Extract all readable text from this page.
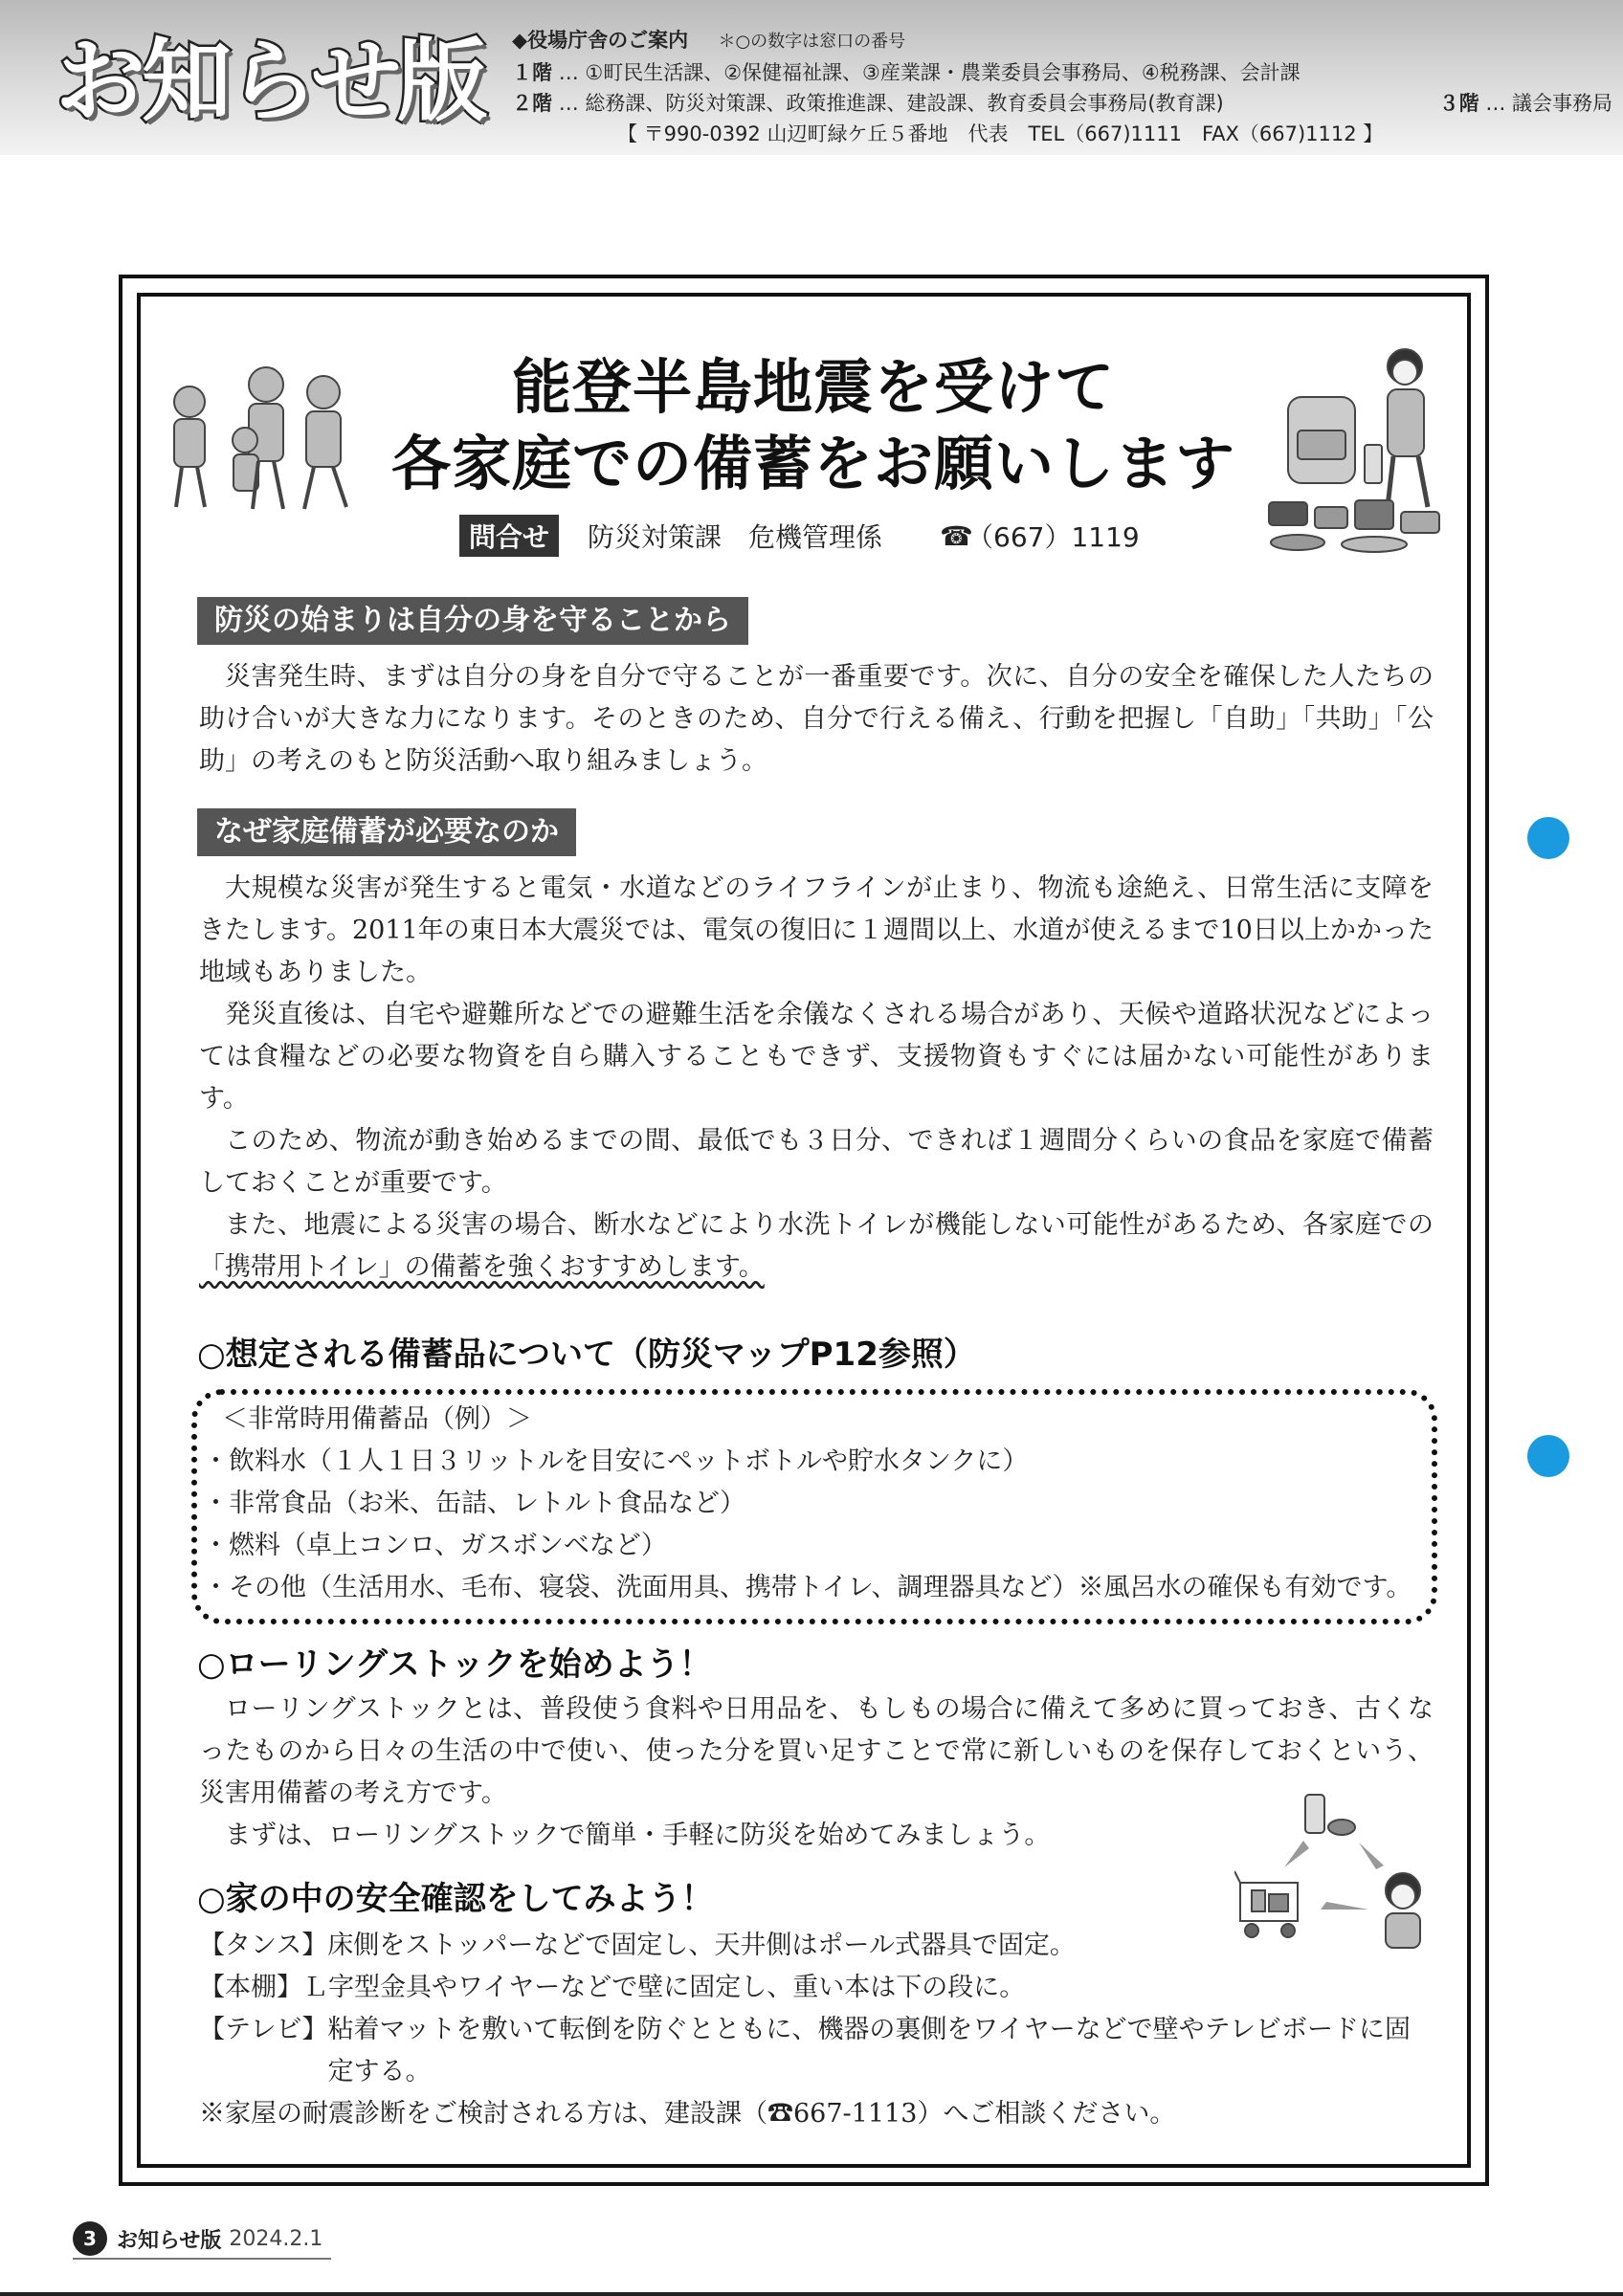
お知らせ版	◆役場庁舎のご案内 ＊○の数字は窓口の番号
１階 … ①町民生活課、②保健福祉課、③産業課・農業委員会事務局、④税務課、会計課
２階 … 総務課、防災対策課、政策推進課、建設課、教育委員会事務局(教育課)	３階 … 議会事務局
【 〒990-0392 山辺町緑ケ丘５番地　代表　TEL（667)1111　FAX（667)1112 】
能登半島地震を受けて
各家庭での備蓄をお願いします
問合せ	防災対策課　危機管理係 ☎
（667）1119
防災の始まりは自分の身を守ることから

災害発生時、まずは自分の身を自分で守ることが一番重要です。次に、自分の安全を確保した人たちの助け合いが大きな力になります。そのときのため、自分で行える備え、行動を把握し「自助」「共助」「公助」の考えのもと防災活動へ取り組みましょう。

なぜ家庭備蓄が必要なのか

大規模な災害が発生すると電気・水道などのライフラインが止まり、物流も途絶え、日常生活に支障をきたします。2011年の東日本大震災では、電気の復旧に１週間以上、水道が使えるまで10日以上かかった地域もありました。

発災直後は、自宅や避難所などでの避難生活を余儀なくされる場合があり、天候や道路状況などによっては食糧などの必要な物資を自ら購入することもできず、支援物資もすぐには届かない可能性があります。

このため、物流が動き始めるまでの間、最低でも３日分、できれば１週間分くらいの食品を家庭で備蓄しておくことが重要です。

また、地震による災害の場合、断水などにより水洗トイレが機能しない可能性があるため、各家庭での「携帯用トイレ」の備蓄を強くおすすめします。

○想定される備蓄品について（防災マップP12参照）
＜非常時用備蓄品（例）＞
・飲料水（１人１日３リットルを目安にペットボトルや貯水タンクに）
・非常食品（お米、缶詰、レトルト食品など）
・燃料（卓上コンロ、ガスボンベなど）
・その他（生活用水、毛布、寝袋、洗面用具、携帯トイレ、調理器具など）※風呂水の確保も有効です。
○ローリングストックを始めよう！

ローリングストックとは、普段使う食料や日用品を、もしもの場合に備えて多めに買っておき、古くなったものから日々の生活の中で使い、使った分を買い足すことで常に新しいものを保存しておくという、災害用備蓄の考え方です。

まずは、ローリングストックで簡単・手軽に防災を始めてみましょう。

○家の中の安全確認をしてみよう！
【タンス】 床側をストッパーなどで固定し、天井側はポール式器具で固定。
【本棚】 Ｌ字型金具やワイヤーなどで壁に固定し、重い本は下の段に。
【テレビ】 粘着マットを敷いて転倒を防ぐとともに、機器の裏側をワイヤーなどで壁やテレビボードに固定する。
※家屋の耐震診断をご検討される方は、建設課（☎667-1113）へご相談ください。
3 お知らせ版 2024.2.1
